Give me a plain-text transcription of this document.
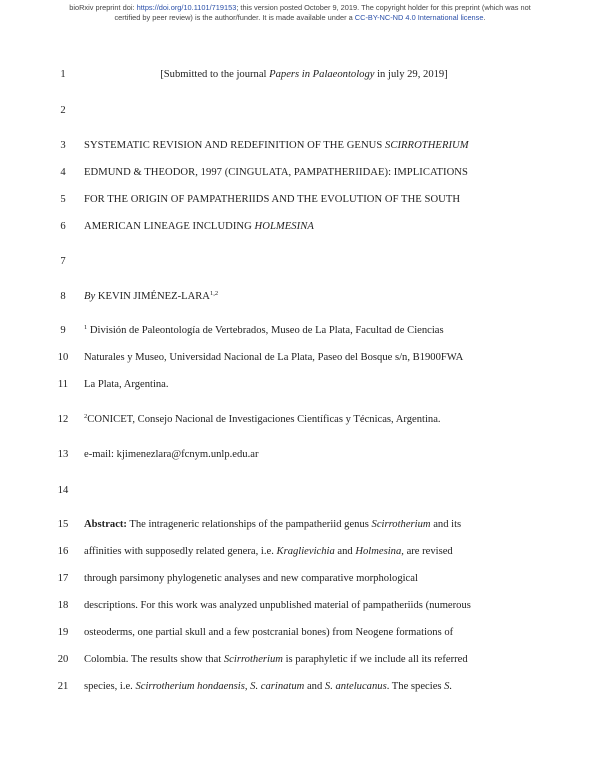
bioRxiv preprint doi: https://doi.org/10.1101/719153; this version posted October 9, 2019. The copyright holder for this preprint (which was not
certified by peer review) is the author/funder. It is made available under a CC-BY-NC-ND 4.0 International license.
1
2
3
4
5
6
7
8
9
10
11
12
13
14
15
16
17
18
19
20
21
[Submitted to the journal Papers in Palaeontology in july 29, 2019]
SYSTEMATIC REVISION AND REDEFINITION OF THE GENUS SCIRROTHERIUM
EDMUND & THEODOR, 1997 (CINGULATA, PAMPATHERIIDAE): IMPLICATIONS
FOR THE ORIGIN OF PAMPATHERIIDS AND THE EVOLUTION OF THE SOUTH
AMERICAN LINEAGE INCLUDING HOLMESINA
By KEVIN JIMÉNEZ-LARA$^{1,2}$
$^1$ División de Paleontología de Vertebrados, Museo de La Plata, Facultad de Ciencias
Naturales y Museo, Universidad Nacional de La Plata, Paseo del Bosque s/n, B1900FWA
La Plata, Argentina.
$^2$CONICET, Consejo Nacional de Investigaciones Científicas y Técnicas, Argentina.
e-mail: kjimenezlara@fcnym.unlp.edu.ar
Abstract: The intrageneric relationships of the pampatheriid genus Scirrotherium and its
affinities with supposedly related genera, i.e. Kraglievichia and Holmesina, are revised
through parsimony phylogenetic analyses and new comparative morphological
descriptions. For this work was analyzed unpublished material of pampatheriids (numerous
osteoderms, one partial skull and a few postcranial bones) from Neogene formations of
Colombia. The results show that Scirrotherium is paraphyletic if we include all its referred
species, i.e. Scirrotherium hondaensis, S. carinatum and S. antelucanus. The species S.
